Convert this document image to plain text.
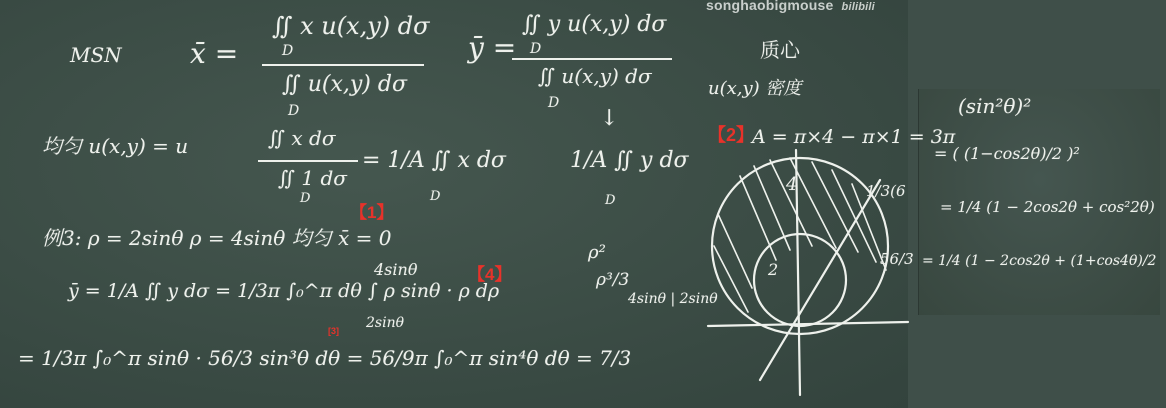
songhaobigmouse bilibili
MSN x̄ =
∬ x u(x,y) dσ
D
∬ u(x,y) dσ
D
ȳ =
∬ y u(x,y) dσ
D
∬ u(x,y) dσ
D
质心
u(x,y) 密度
均匀 u(x,y) = u	∬ x dσ
∬ 1 dσ
D
= 1/A ∬ x dσ
D
↓
1/A ∬ y dσ
D
例3: ρ = 2sinθ ρ = 4sinθ 均匀 x̄ = 0
ȳ = 1/A ∬ y dσ = 1/3π ∫₀^π dθ ∫ ρ sinθ · ρ dρ
4sinθ
2sinθ
ρ²
ρ³/3
4sinθ | 2sinθ
= 1/3π ∫₀^π sinθ · 56/3 sin³θ dθ = 56/9π ∫₀^π sin⁴θ dθ = 7/3
【1】
【2】
[3]
【4】
A = π×4 − π×1 = 3π
4
2
1/3(6
56/3
(sin²θ)²
= ( (1−cos2θ)/2 )²
= 1/4 (1 − 2cos2θ + cos²2θ)
= 1/4 (1 − 2cos2θ + (1+cos4θ)/2
